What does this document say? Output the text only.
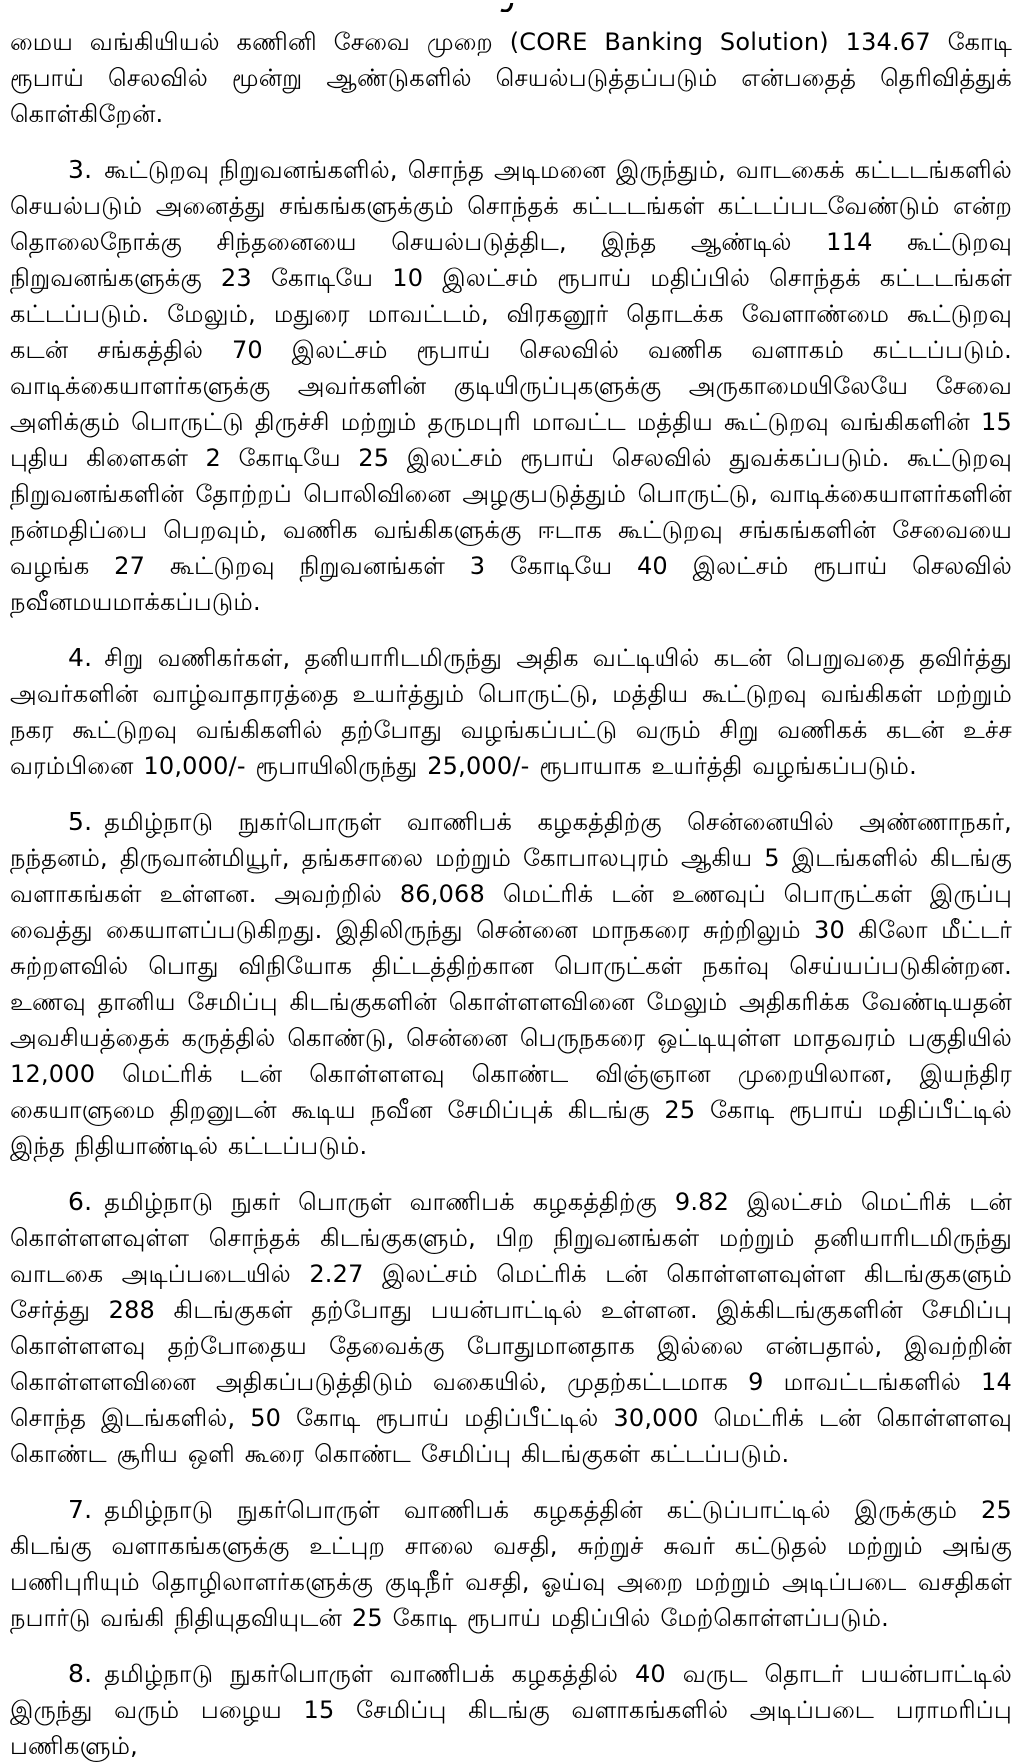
மைய வங்கியியல் கணினி சேவை முறை (CORE Banking Solution) 134.67 கோடி ரூபாய் செலவில் மூன்று ஆண்டுகளில் செயல்படுத்தப்படும் என்பதைத் தெரிவித்துக் கொள்கிறேன்.

3. கூட்டுறவு நிறுவனங்களில், சொந்த அடிமனை இருந்தும், வாடகைக் கட்டடங்களில் செயல்படும் அனைத்து சங்கங்களுக்கும் சொந்தக் கட்டடங்கள் கட்டப்படவேண்டும் என்ற தொலைநோக்கு சிந்தனையை செயல்படுத்திட, இந்த ஆண்டில் 114 கூட்டுறவு நிறுவனங்களுக்கு 23 கோடியே 10 இலட்சம் ரூபாய் மதிப்பில் சொந்தக் கட்டடங்கள் கட்டப்படும். மேலும், மதுரை மாவட்டம், விரகனூர் தொடக்க வேளாண்மை கூட்டுறவு கடன் சங்கத்தில் 70 இலட்சம் ரூபாய் செலவில் வணிக வளாகம் கட்டப்படும். வாடிக்கையாளர்களுக்கு அவர்களின் குடியிருப்புகளுக்கு அருகாமையிலேயே சேவை அளிக்கும் பொருட்டு திருச்சி மற்றும் தருமபுரி மாவட்ட மத்திய கூட்டுறவு வங்கிகளின் 15 புதிய கிளைகள் 2 கோடியே 25 இலட்சம் ரூபாய் செலவில் துவக்கப்படும். கூட்டுறவு நிறுவனங்களின் தோற்றப் பொலிவினை அழகுபடுத்தும் பொருட்டு, வாடிக்கையாளர்களின் நன்மதிப்பை பெறவும், வணிக வங்கிகளுக்கு ஈடாக கூட்டுறவு சங்கங்களின் சேவையை வழங்க 27 கூட்டுறவு நிறுவனங்கள் 3 கோடியே 40 இலட்சம் ரூபாய் செலவில் நவீனமயமாக்கப்படும்.

4. சிறு வணிகர்கள், தனியாரிடமிருந்து அதிக வட்டியில் கடன் பெறுவதை தவிர்த்து அவர்களின் வாழ்வாதாரத்தை உயர்த்தும் பொருட்டு, மத்திய கூட்டுறவு வங்கிகள் மற்றும் நகர கூட்டுறவு வங்கிகளில் தற்போது வழங்கப்பட்டு வரும் சிறு வணிகக் கடன் உச்ச வரம்பினை 10,000/- ரூபாயிலிருந்து 25,000/- ரூபாயாக உயர்த்தி வழங்கப்படும்.

5. தமிழ்நாடு நுகர்பொருள் வாணிபக் கழகத்திற்கு சென்னையில் அண்ணாநகர், நந்தனம், திருவான்மியூர், தங்கசாலை மற்றும் கோபாலபுரம் ஆகிய 5 இடங்களில் கிடங்கு வளாகங்கள் உள்ளன. அவற்றில் 86,068 மெட்ரிக் டன் உணவுப் பொருட்கள் இருப்பு வைத்து கையாளப்படுகிறது. இதிலிருந்து சென்னை மாநகரை சுற்றிலும் 30 கிலோ மீட்டர் சுற்றளவில் பொது விநியோக திட்டத்திற்கான பொருட்கள் நகர்வு செய்யப்படுகின்றன. உணவு தானிய சேமிப்பு கிடங்குகளின் கொள்ளளவினை மேலும் அதிகரிக்க வேண்டியதன் அவசியத்தைக் கருத்தில் கொண்டு, சென்னை பெருநகரை ஒட்டியுள்ள மாதவரம் பகுதியில் 12,000 மெட்ரிக் டன் கொள்ளளவு கொண்ட விஞ்ஞான முறையிலான, இயந்திர கையாளுமை திறனுடன் கூடிய நவீன சேமிப்புக் கிடங்கு 25 கோடி ரூபாய் மதிப்பீட்டில் இந்த நிதியாண்டில் கட்டப்படும்.

6. தமிழ்நாடு நுகர் பொருள் வாணிபக் கழகத்திற்கு 9.82 இலட்சம் மெட்ரிக் டன் கொள்ளளவுள்ள சொந்தக் கிடங்குகளும், பிற நிறுவனங்கள் மற்றும் தனியாரிடமிருந்து வாடகை அடிப்படையில் 2.27 இலட்சம் மெட்ரிக் டன் கொள்ளளவுள்ள கிடங்குகளும் சேர்த்து 288 கிடங்குகள் தற்போது பயன்பாட்டில் உள்ளன. இக்கிடங்குகளின் சேமிப்பு கொள்ளளவு தற்போதைய தேவைக்கு போதுமானதாக இல்லை என்பதால், இவற்றின் கொள்ளளவினை அதிகப்படுத்திடும் வகையில், முதற்கட்டமாக 9 மாவட்டங்களில் 14 சொந்த இடங்களில், 50 கோடி ரூபாய் மதிப்பீட்டில் 30,000 மெட்ரிக் டன் கொள்ளளவு கொண்ட சூரிய ஒளி கூரை கொண்ட சேமிப்பு கிடங்குகள் கட்டப்படும்.

7. தமிழ்நாடு நுகர்பொருள் வாணிபக் கழகத்தின் கட்டுப்பாட்டில் இருக்கும் 25 கிடங்கு வளாகங்களுக்கு உட்புற சாலை வசதி, சுற்றுச் சுவர் கட்டுதல் மற்றும் அங்கு பணிபுரியும் தொழிலாளர்களுக்கு குடிநீர் வசதி, ஓய்வு அறை மற்றும் அடிப்படை வசதிகள் நபார்டு வங்கி நிதியுதவியுடன் 25 கோடி ரூபாய் மதிப்பில் மேற்கொள்ளப்படும்.

8. தமிழ்நாடு நுகர்பொருள் வாணிபக் கழகத்தில் 40 வருட தொடர் பயன்பாட்டில் இருந்து வரும் பழைய 15 சேமிப்பு கிடங்கு வளாகங்களில் அடிப்படை பராமரிப்பு பணிகளும்,
